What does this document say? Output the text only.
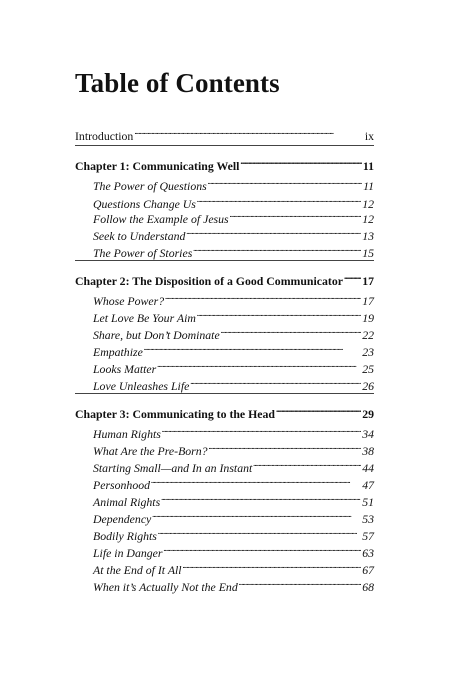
Table of Contents
Introduction . . .	ix
Chapter 1: Communicating Well . . .	11
The Power of Questions . . .	11
Questions Change Us . . .	12
Follow the Example of Jesus . . .	12
Seek to Understand . . .	13
The Power of Stories . . .	15
Chapter 2: The Disposition of a Good Communicator . . . 17
Whose Power? . . .	17
Let Love Be Your Aim . . .	19
Share, but Don’t Dominate . . .	22
Empathize . . .	23
Looks Matter . . .	25
Love Unleashes Life . . .	26
Chapter 3: Communicating to the Head . . .	29
Human Rights . . .	34
What Are the Pre-Born? . . .	38
Starting Small—and In an Instant . . .	44
Personhood . . .	47
Animal Rights . . .	51
Dependency . . .	53
Bodily Rights . . .	57
Life in Danger . . .	63
At the End of It All . . .	67
When it’s Actually Not the End . . .	68
